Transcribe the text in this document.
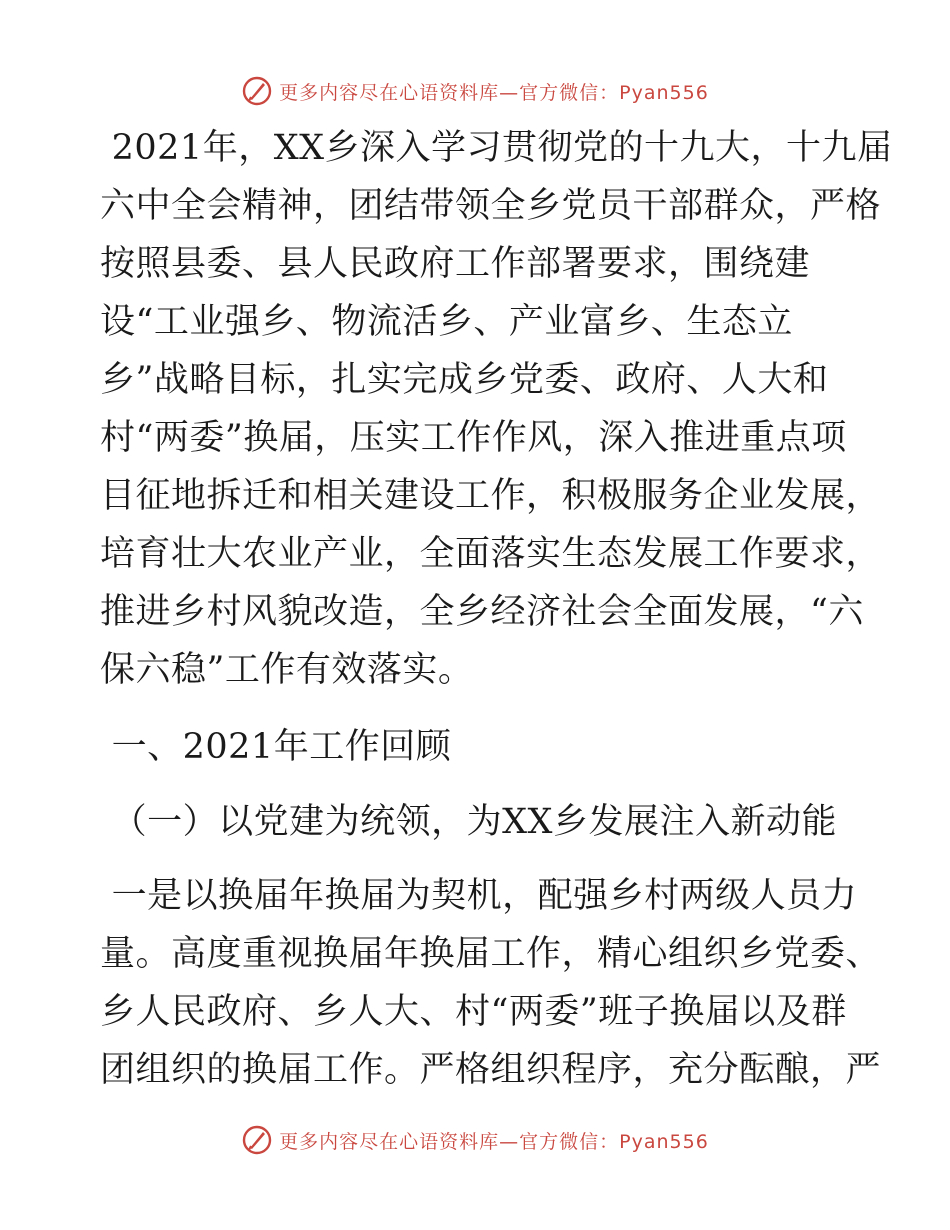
更多内容尽在心语资料库—官方微信：Pyan556
2021年，XX乡深入学习贯彻党的十九大，十九届
六中全会精神，团结带领全乡党员干部群众，严格
按照县委、县人民政府工作部署要求，围绕建
设“工业强乡、物流活乡、产业富乡、生态立
乡”战略目标，扎实完成乡党委、政府、人大和
村“两委”换届，压实工作作风，深入推进重点项
目征地拆迁和相关建设工作，积极服务企业发展，
培育壮大农业产业，全面落实生态发展工作要求，
推进乡村风貌改造，全乡经济社会全面发展，“六
保六稳”工作有效落实。
一、2021年工作回顾
（一）以党建为统领，为XX乡发展注入新动能
一是以换届年换届为契机，配强乡村两级人员力
量。高度重视换届年换届工作，精心组织乡党委、
乡人民政府、乡人大、村“两委”班子换届以及群
团组织的换届工作。严格组织程序，充分酝酿，严
更多内容尽在心语资料库—官方微信：Pyan556
